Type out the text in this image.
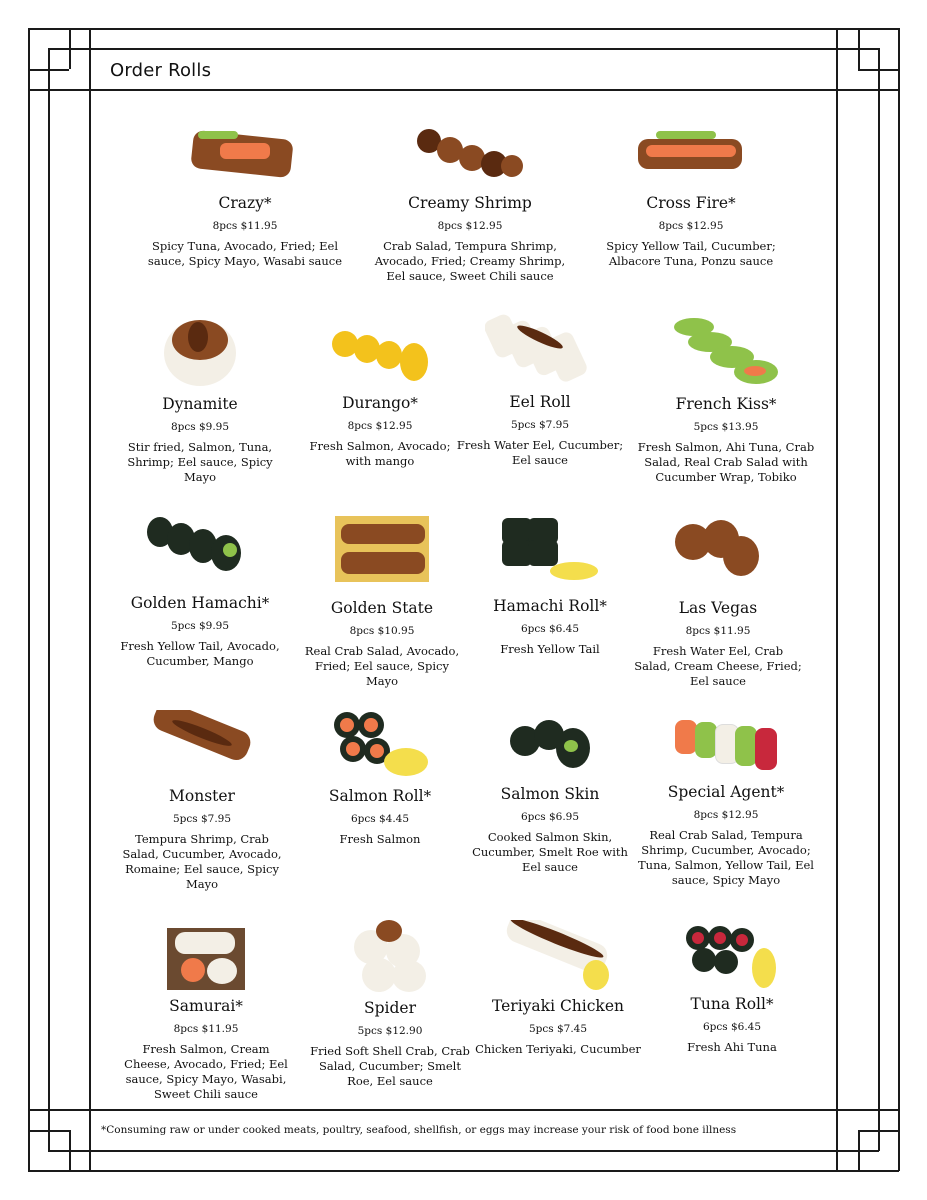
Order Rolls
Crazy*
8pcs $11.95
Spicy Tuna, Avocado, Fried; Eel sauce, Spicy Mayo, Wasabi sauce
Creamy Shrimp
8pcs $12.95
Crab Salad, Tempura Shrimp, Avocado, Fried; Creamy Shrimp, Eel sauce, Sweet Chili sauce
Cross Fire*
8pcs $12.95
Spicy Yellow Tail, Cucumber; Albacore Tuna, Ponzu sauce
Dynamite
8pcs $9.95
Stir fried, Salmon, Tuna, Shrimp; Eel sauce, Spicy Mayo
Durango*
8pcs $12.95
Fresh Salmon, Avocado; with mango
Eel Roll
5pcs $7.95
Fresh Water Eel, Cucumber; Eel sauce
French Kiss*
5pcs $13.95
Fresh Salmon, Ahi Tuna, Crab Salad, Real Crab Salad with Cucumber Wrap, Tobiko
Golden Hamachi*
5pcs $9.95
Fresh Yellow Tail, Avocado, Cucumber, Mango
Golden State
8pcs $10.95
Real Crab Salad, Avocado, Fried; Eel sauce, Spicy Mayo
Hamachi Roll*
6pcs $6.45
Fresh Yellow Tail
Las Vegas
8pcs $11.95
Fresh Water Eel, Crab Salad, Cream Cheese, Fried; Eel sauce
Monster
5pcs $7.95
Tempura Shrimp, Crab Salad, Cucumber, Avocado, Romaine; Eel sauce, Spicy Mayo
Salmon Roll*
6pcs $4.45
Fresh Salmon
Salmon Skin
6pcs $6.95
Cooked Salmon Skin, Cucumber, Smelt Roe with Eel sauce
Special Agent*
8pcs $12.95
Real Crab Salad, Tempura Shrimp, Cucumber, Avocado; Tuna, Salmon, Yellow Tail, Eel sauce, Spicy Mayo
Samurai*
8pcs $11.95
Fresh Salmon, Cream Cheese, Avocado, Fried; Eel sauce, Spicy Mayo, Wasabi, Sweet Chili sauce
Spider
5pcs $12.90
Fried Soft Shell Crab, Crab Salad, Cucumber; Smelt Roe, Eel sauce
Teriyaki Chicken
5pcs $7.45
Chicken Teriyaki, Cucumber
Tuna Roll*
6pcs $6.45
Fresh Ahi Tuna
*Consuming raw or under cooked meats, poultry, seafood, shellfish, or eggs may increase your risk of food bone illness
